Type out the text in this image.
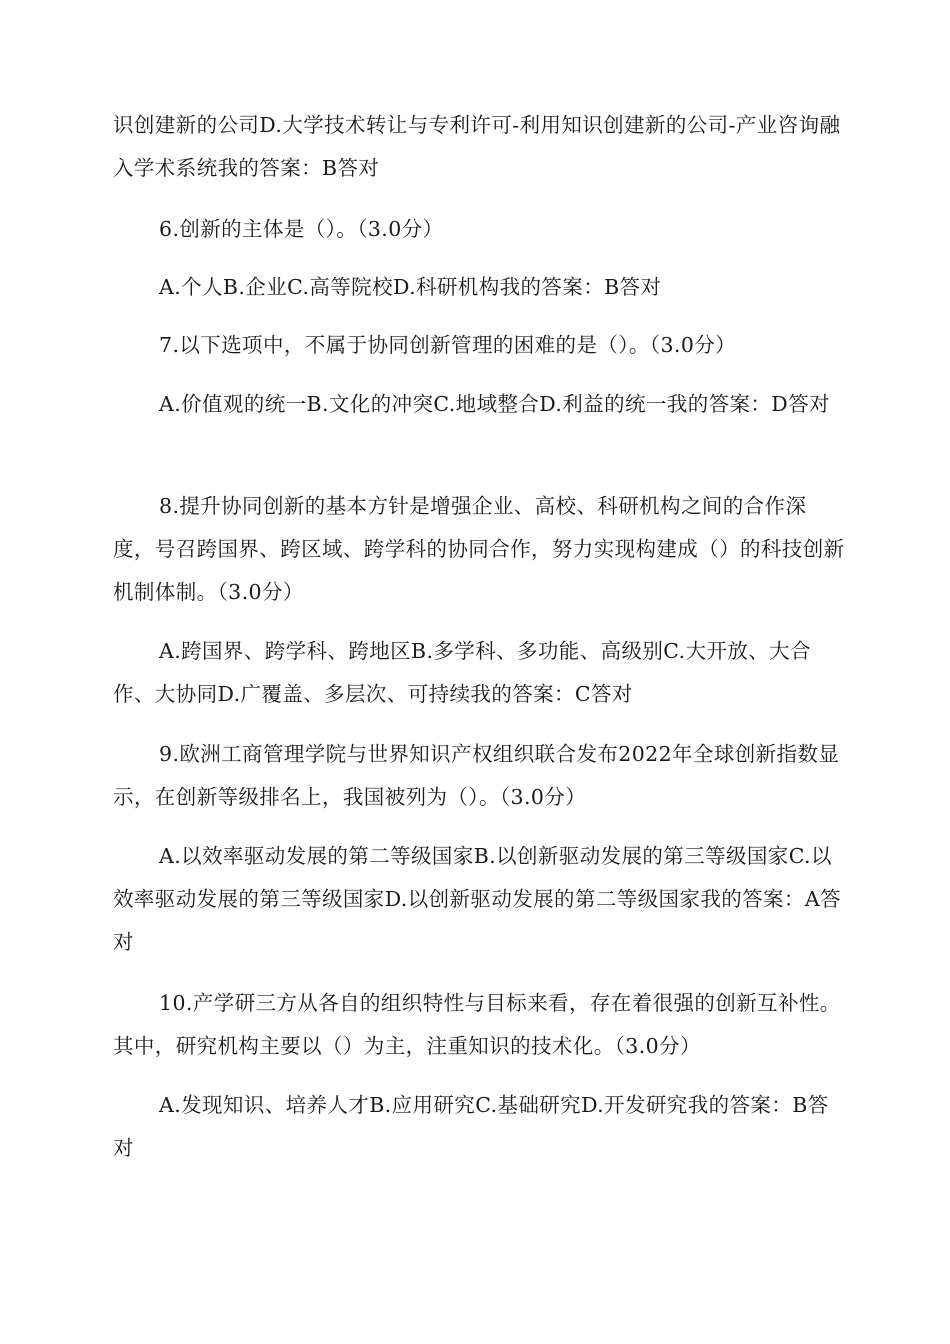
识创建新的公司D.大学技术转让与专利许可-利用知识创建新的公司-产业咨询融入学术系统我的答案：B答对
6.创新的主体是（）。（3.0分）
A.个人B.企业C.高等院校D.科研机构我的答案：B答对
7.以下选项中，不属于协同创新管理的困难的是（）。（3.0分）
A.价值观的统一B.文化的冲突C.地域整合D.利益的统一我的答案：D答对
8.提升协同创新的基本方针是增强企业、高校、科研机构之间的合作深度，号召跨国界、跨区域、跨学科的协同合作，努力实现构建成（）的科技创新机制体制。（3.0分）
A.跨国界、跨学科、跨地区B.多学科、多功能、高级别C.大开放、大合作、大协同D.广覆盖、多层次、可持续我的答案：C答对
9.欧洲工商管理学院与世界知识产权组织联合发布2022年全球创新指数显示，在创新等级排名上，我国被列为（）。（3.0分）
A.以效率驱动发展的第二等级国家B.以创新驱动发展的第三等级国家C.以效率驱动发展的第三等级国家D.以创新驱动发展的第二等级国家我的答案：A答对
10.产学研三方从各自的组织特性与目标来看，存在着很强的创新互补性。其中，研究机构主要以（）为主，注重知识的技术化。（3.0分）
A.发现知识、培养人才B.应用研究C.基础研究D.开发研究我的答案：B答对
